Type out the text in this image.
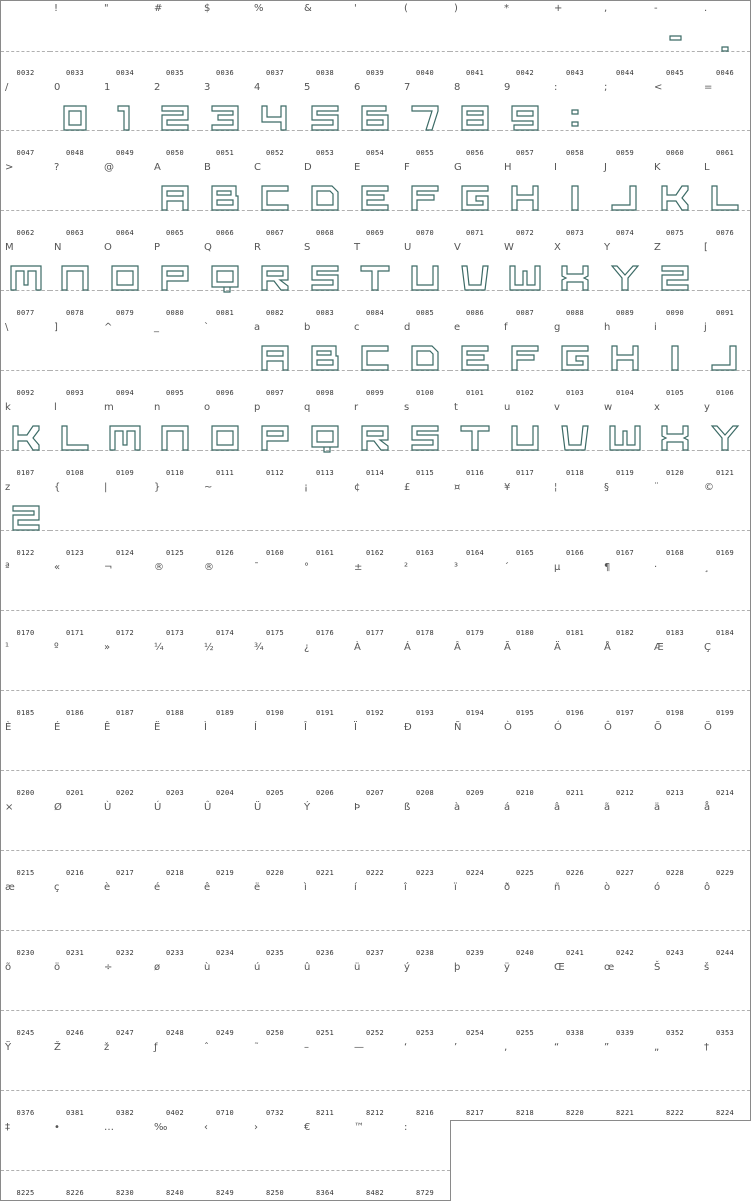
0032
!
0033
"
0034
#
0035
$
0036
%
0037
&
0038
'
0039
(
0040
)
0041
*
0042
+
0043
,
0044
-
0045
.
0046
/
0047
0
0048
1
0049
2
0050
3
0051
4
0052
5
0053
6
0054
7
0055
8
0056
9
0057
:
0058
;
0059
<
0060
=
0061
>
0062
?
0063
@
0064
A
0065
B
0066
C
0067
D
0068
E
0069
F
0070
G
0071
H
0072
I
0073
J
0074
K
0075
L
0076
M
0077
N
0078
O
0079
P
0080
Q
0081
R
0082
S
0083
T
0084
U
0085
V
0086
W
0087
X
0088
Y
0089
Z
0090
[
0091
\
0092
]
0093
^
0094
_
0095
`
0096
a
0097
b
0098
c
0099
d
0100
e
0101
f
0102
g
0103
h
0104
i
0105
j
0106
k
0107
l
0108
m
0109
n
0110
o
0111
p
0112
q
0113
r
0114
s
0115
t
0116
u
0117
v
0118
w
0119
x
0120
y
0121
z
0122
{
0123
|
0124
}
0125
~
0126	0160
¡
0161
¢
0162
£
0163
¤
0164
¥
0165
¦
0166
§
0167
¨
0168
©
0169
ª
0170
«
0171
¬
0172
®
0173
®
0174
¯
0175
°
0176
±
0177
²
0178
³
0179
´
0180
µ
0181
¶
0182
·
0183
¸
0184
¹
0185
º
0186
»
0187
¼
0188
½
0189
¾
0190
¿
0191
À
0192
Á
0193
Â
0194
Ã
0195
Ä
0196
Å
0197
Æ
0198
Ç
0199
È
0200
É
0201
Ê
0202
Ë
0203
Ì
0204
Í
0205
Î
0206
Ï
0207
Đ
0208
Ñ
0209
Ò
0210
Ó
0211
Ô
0212
Õ
0213
Ö
0214
×
0215
Ø
0216
Ù
0217
Ú
0218
Û
0219
Ü
0220
Ý
0221
Þ
0222
ß
0223
à
0224
á
0225
â
0226
ã
0227
ä
0228
å
0229
æ
0230
ç
0231
è
0232
é
0233
ê
0234
ë
0235
ì
0236
í
0237
î
0238
ï
0239
ð
0240
ñ
0241
ò
0242
ó
0243
ô
0244
õ
0245
ö
0246
÷
0247
ø
0248
ù
0249
ú
0250
û
0251
ü
0252
ý
0253
þ
0254
ÿ
0255
Œ
0338
œ
0339
Š
0352
š
0353
Ÿ
0376
Ž
0381
ž
0382
ƒ
0402
ˆ
0710
˜
0732
–
8211
—
8212
‘
8216
’
8217
‚
8218
“
8220
”
8221
„
8222
†
8224
‡
8225
•
8226
…
8230
‰
8240
‹
8249
›
8250
€
8364
™
8482
꞉
8729
